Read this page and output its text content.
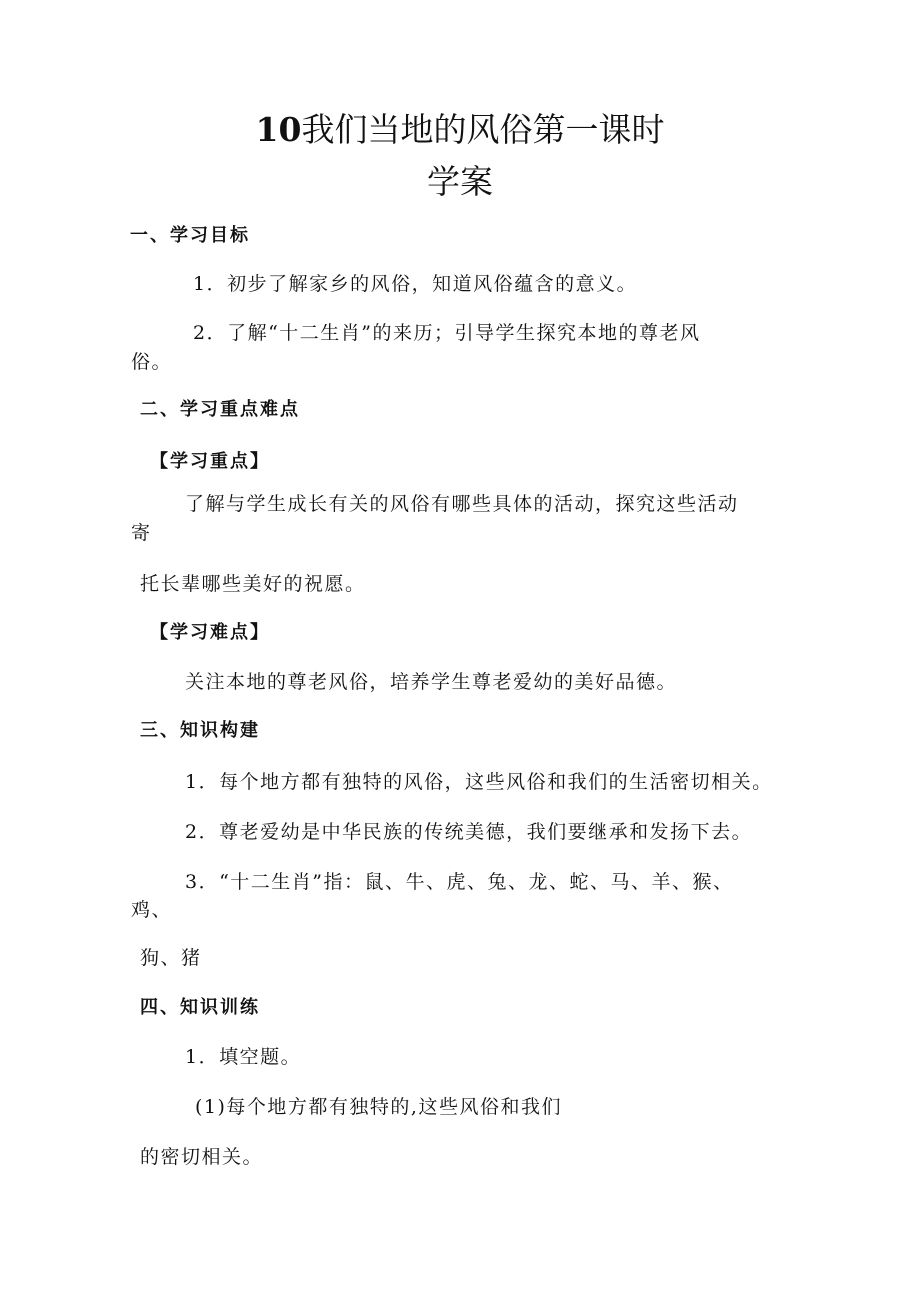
10我们当地的风俗第一课时
学案
一、学习目标
1．初步了解家乡的风俗，知道风俗蕴含的意义。
2．了解“十二生肖”的来历；引导学生探究本地的尊老风
俗。
二、学习重点难点
【学习重点】
了解与学生成长有关的风俗有哪些具体的活动，探究这些活动
寄
托长辈哪些美好的祝愿。
【学习难点】
关注本地的尊老风俗，培养学生尊老爱幼的美好品德。
三、知识构建
1．每个地方都有独特的风俗，这些风俗和我们的生活密切相关。
2．尊老爱幼是中华民族的传统美德，我们要继承和发扬下去。
3．“十二生肖”指：鼠、牛、虎、兔、龙、蛇、马、羊、猴、
鸡、
狗、猪
四、知识训练
1．填空题。
(1)每个地方都有独特的,这些风俗和我们
的密切相关。
